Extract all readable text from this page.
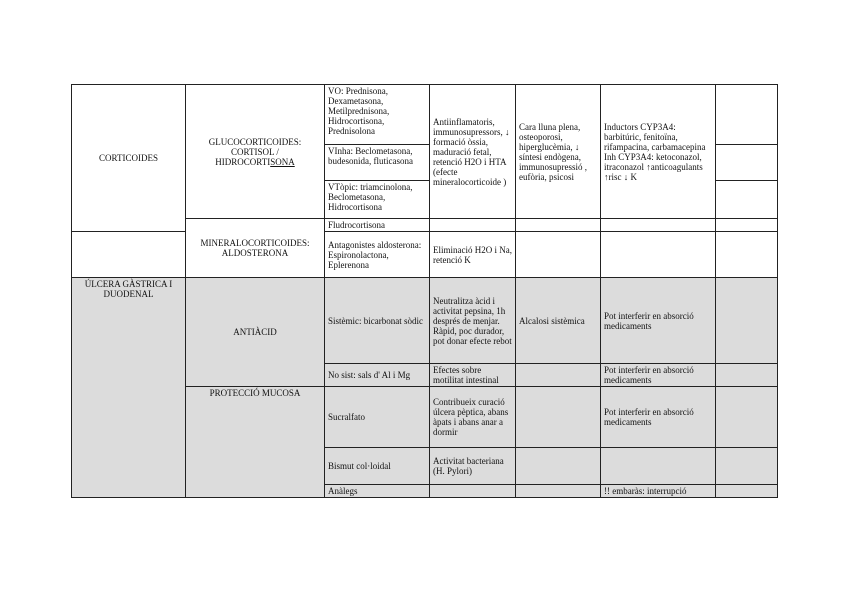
CORTICOIDES	GLUCOCORTICOIDES:
CORTISOL /
HIDROCORTISONA	VO: Prednisona, Dexametasona, Metilprednisona, Hidrocortisona, Prednisolona	Antiinflamatoris, immunosupressors, ↓ formació òssia, maduració fetal, retenció H2O i HTA (efecte mineralocorticoide )	Cara lluna plena, osteoporosi, hiperglucèmia, ↓ síntesi endògena, immunosupressió , eufòria, psicosi	Inductors CYP3A4: barbitúric, fenitoïna, rifampacina, carbamacepina Inh CYP3A4: ketoconazol, itraconazol ↑anticoagulants ↑risc ↓ K	
		VInha: Beclometasona, budesonida, fluticasona				
		VTòpic: triamcinolona, Beclometasona, Hidrocortisona				
	MINERALOCORTICOIDES: ALDOSTERONA	Fludrocortisona				
		Antagonistes aldosterona: Espironolactona, Eplerenona	Eliminació H2O i Na, retenció K			
ÚLCERA GÀSTRICA I DUODENAL	ANTIÀCID	Sistèmic: bicarbonat sòdic	Neutralitza àcid i activitat pepsina, 1h després de menjar. Ràpid, poc durador, pot donar efecte rebot	Alcalosi sistèmica	Pot interferir en absorció medicaments	
		No sist: sals d' Al i Mg	Efectes sobre motilitat intestinal		Pot interferir en absorció medicaments	
	PROTECCIÓ MUCOSA	Sucralfato	Contribueix curació úlcera pèptica, abans àpats i abans anar a dormir		Pot interferir en absorció medicaments	
		Bismut col·loidal	Activitat bacteriana (H. Pylori)			
		Anàlegs			!! embaràs: interrupció	
